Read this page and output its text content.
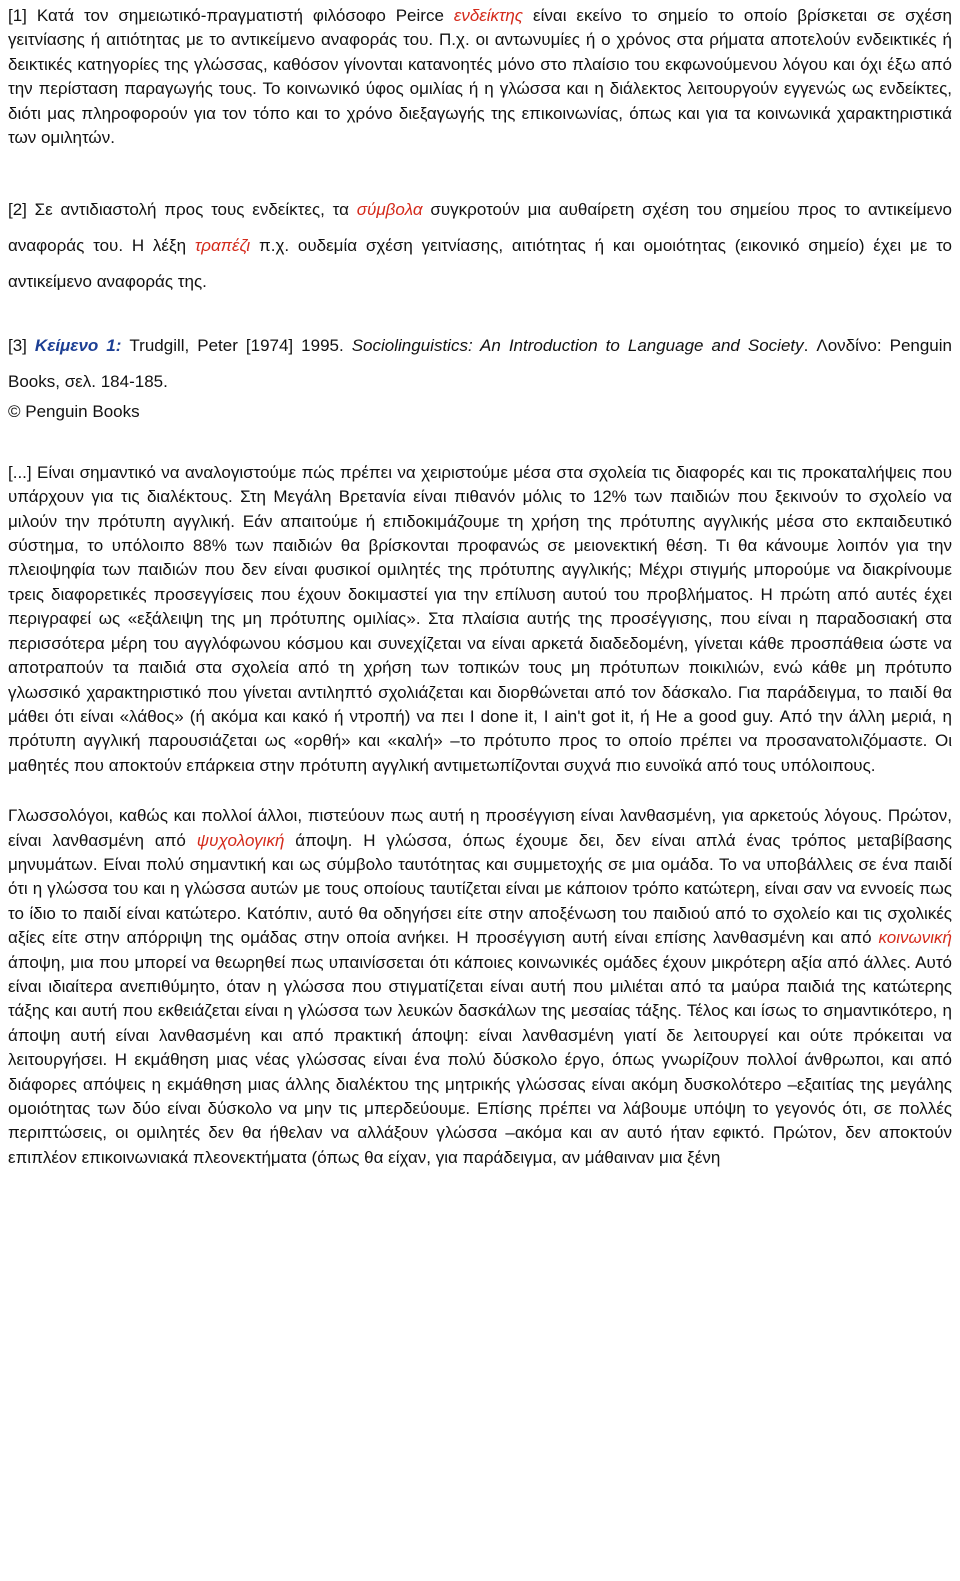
[1] Κατά τον σημειωτικό-πραγματιστή φιλόσοφο Peirce ενδείκτης είναι εκείνο το σημείο το οποίο βρίσκεται σε σχέση γειτνίασης ή αιτιότητας με το αντικείμενο αναφοράς του. Π.χ. οι αντωνυμίες ή ο χρόνος στα ρήματα αποτελούν ενδεικτικές ή δεικτικές κατηγορίες της γλώσσας, καθόσον γίνονται κατανοητές μόνο στο πλαίσιο του εκφωνούμενου λόγου και όχι έξω από την περίσταση παραγωγής τους. Το κοινωνικό ύφος ομιλίας ή η γλώσσα και η διάλεκτος λειτουργούν εγγενώς ως ενδείκτες, διότι μας πληροφορούν για τον τόπο και το χρόνο διεξαγωγής της επικοινωνίας, όπως και για τα κοινωνικά χαρακτηριστικά των ομιλητών.

[2] Σε αντιδιαστολή προς τους ενδείκτες, τα σύμβολα συγκροτούν μια αυθαίρετη σχέση του σημείου προς το αντικείμενο αναφοράς του. Η λέξη τραπέζι π.χ. ουδεμία σχέση γειτνίασης, αιτιότητας ή και ομοιότητας (εικονικό σημείο) έχει με το αντικείμενο αναφοράς της.

[3] Κείμενο 1: Trudgill, Peter [1974] 1995. Sociolinguistics: An Introduction to Language and Society. Λονδίνο: Penguin Books, σελ. 184-185.

© Penguin Books

[...] Είναι σημαντικό να αναλογιστούμε πώς πρέπει να χειριστούμε μέσα στα σχολεία τις διαφορές και τις προκαταλήψεις που υπάρχουν για τις διαλέκτους. Στη Μεγάλη Βρετανία είναι πιθανόν μόλις το 12% των παιδιών που ξεκινούν το σχολείο να μιλούν την πρότυπη αγγλική. Εάν απαιτούμε ή επιδοκιμάζουμε τη χρήση της πρότυπης αγγλικής μέσα στο εκπαιδευτικό σύστημα, το υπόλοιπο 88% των παιδιών θα βρίσκονται προφανώς σε μειονεκτική θέση. Τι θα κάνουμε λοιπόν για την πλειοψηφία των παιδιών που δεν είναι φυσικοί ομιλητές της πρότυπης αγγλικής; Μέχρι στιγμής μπορούμε να διακρίνουμε τρεις διαφορετικές προσεγγίσεις που έχουν δοκιμαστεί για την επίλυση αυτού του προβλήματος. Η πρώτη από αυτές έχει περιγραφεί ως «εξάλειψη της μη πρότυπης ομιλίας». Στα πλαίσια αυτής της προσέγγισης, που είναι η παραδοσιακή στα περισσότερα μέρη του αγγλόφωνου κόσμου και συνεχίζεται να είναι αρκετά διαδεδομένη, γίνεται κάθε προσπάθεια ώστε να αποτραπούν τα παιδιά στα σχολεία από τη χρήση των τοπικών τους μη πρότυπων ποικιλιών, ενώ κάθε μη πρότυπο γλωσσικό χαρακτηριστικό που γίνεται αντιληπτό σχολιάζεται και διορθώνεται από τον δάσκαλο. Για παράδειγμα, το παιδί θα μάθει ότι είναι «λάθος» (ή ακόμα και κακό ή ντροπή) να πει I done it, I ain't got it, ή He a good guy. Από την άλλη μεριά, η πρότυπη αγγλική παρουσιάζεται ως «ορθή» και «καλή» –το πρότυπο προς το οποίο πρέπει να προσανατολιζόμαστε. Οι μαθητές που αποκτούν επάρκεια στην πρότυπη αγγλική αντιμετωπίζονται συχνά πιο ευνοϊκά από τους υπόλοιπους.

Γλωσσολόγοι, καθώς και πολλοί άλλοι, πιστεύουν πως αυτή η προσέγγιση είναι λανθασμένη, για αρκετούς λόγους. Πρώτον, είναι λανθασμένη από ψυχολογική άποψη. Η γλώσσα, όπως έχουμε δει, δεν είναι απλά ένας τρόπος μεταβίβασης μηνυμάτων. Είναι πολύ σημαντική και ως σύμβολο ταυτότητας και συμμετοχής σε μια ομάδα. Το να υποβάλλεις σε ένα παιδί ότι η γλώσσα του και η γλώσσα αυτών με τους οποίους ταυτίζεται είναι με κάποιον τρόπο κατώτερη, είναι σαν να εννοείς πως το ίδιο το παιδί είναι κατώτερο. Κατόπιν, αυτό θα οδηγήσει είτε στην αποξένωση του παιδιού από το σχολείο και τις σχολικές αξίες είτε στην απόρριψη της ομάδας στην οποία ανήκει. Η προσέγγιση αυτή είναι επίσης λανθασμένη και από κοινωνική άποψη, μια που μπορεί να θεωρηθεί πως υπαινίσσεται ότι κάποιες κοινωνικές ομάδες έχουν μικρότερη αξία από άλλες. Αυτό είναι ιδιαίτερα ανεπιθύμητο, όταν η γλώσσα που στιγματίζεται είναι αυτή που μιλιέται από τα μαύρα παιδιά της κατώτερης τάξης και αυτή που εκθειάζεται είναι η γλώσσα των λευκών δασκάλων της μεσαίας τάξης. Τέλος και ίσως το σημαντικότερο, η άποψη αυτή είναι λανθασμένη και από πρακτική άποψη: είναι λανθασμένη γιατί δε λειτουργεί και ούτε πρόκειται να λειτουργήσει. Η εκμάθηση μιας νέας γλώσσας είναι ένα πολύ δύσκολο έργο, όπως γνωρίζουν πολλοί άνθρωποι, και από διάφορες απόψεις η εκμάθηση μιας άλλης διαλέκτου της μητρικής γλώσσας είναι ακόμη δυσκολότερο –εξαιτίας της μεγάλης ομοιότητας των δύο είναι δύσκολο να μην τις μπερδεύουμε. Επίσης πρέπει να λάβουμε υπόψη το γεγονός ότι, σε πολλές περιπτώσεις, οι ομιλητές δεν θα ήθελαν να αλλάξουν γλώσσα –ακόμα και αν αυτό ήταν εφικτό. Πρώτον, δεν αποκτούν επιπλέον επικοινωνιακά πλεονεκτήματα (όπως θα είχαν, για παράδειγμα, αν μάθαιναν μια ξένη
